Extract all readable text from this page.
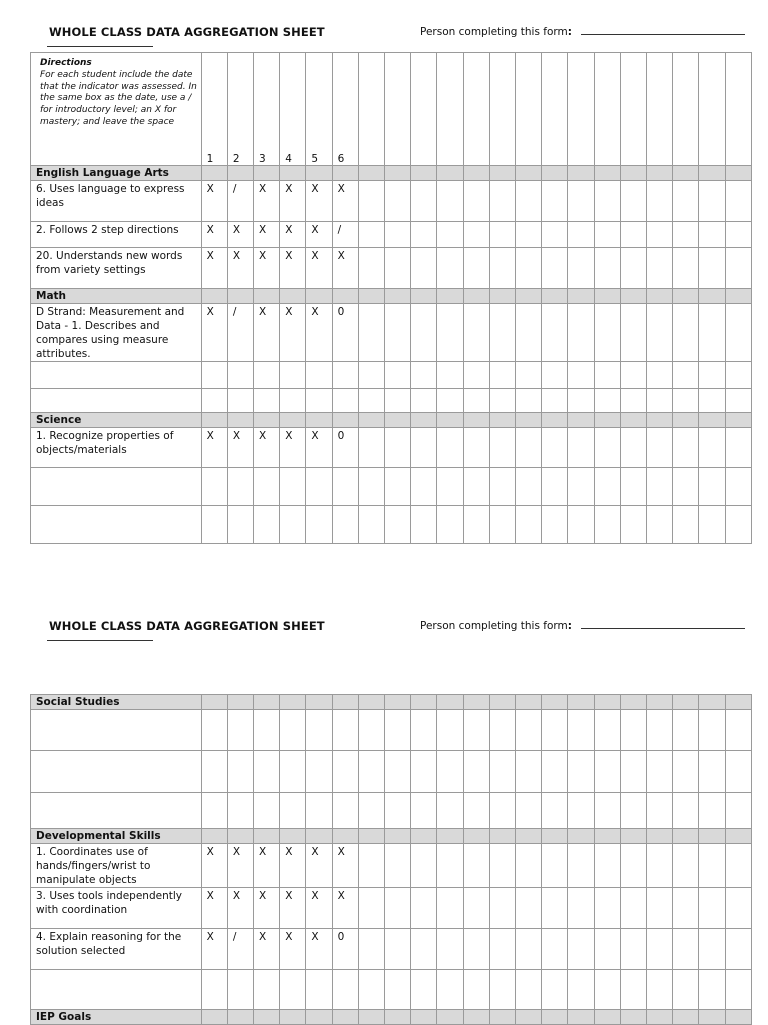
WHOLE CLASS DATA AGGREGATION SHEET	Person completing this form:
Directions
For each student include the date that the indicator was assessed. In the same box as the date, use a / for introductory level; an X for mastery; and leave the space	1	2	3	4	5	6															

English Language Arts																					
6. Uses language to express ideas	X	/	X	X	X	X															
2. Follows 2 step directions	X	X	X	X	X	/															
20. Understands new words from variety settings	X	X	X	X	X	X															
Math																					
D Strand: Measurement and Data - 1. Describes and compares using measure attributes.	X	/	X	X	X	0															

Science																					
1. Recognize properties of objects/materials	X	X	X	X	X	0															

WHOLE CLASS DATA AGGREGATION SHEET	Person completing this form:
Social Studies																					

Developmental Skills																					
1. Coordinates use of hands/fingers/wrist to manipulate objects	X	X	X	X	X	X															
3. Uses tools independently with coordination	X	X	X	X	X	X															
4. Explain reasoning for the solution selected	X	/	X	X	X	0															

IEP Goals																					
